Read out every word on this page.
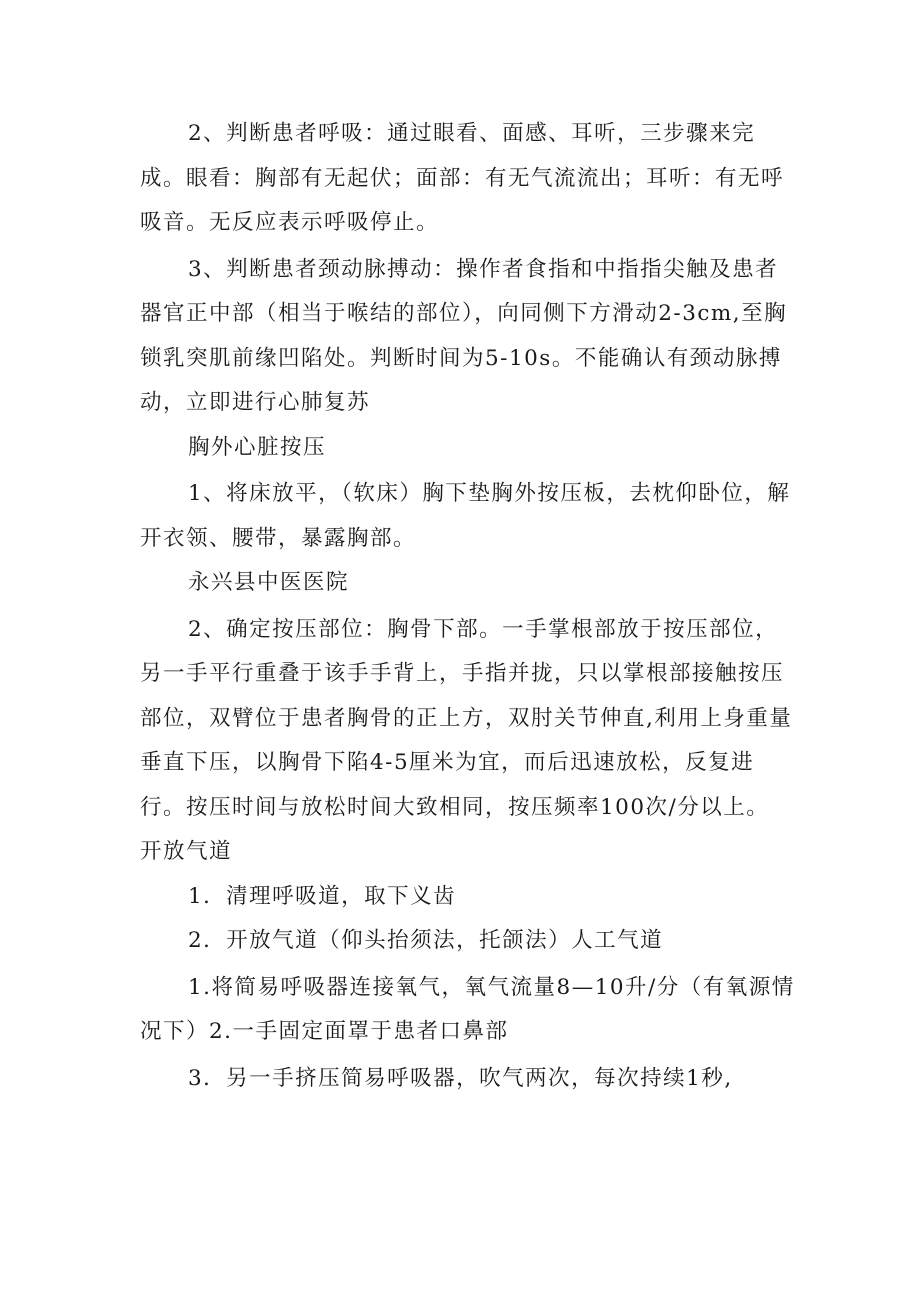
2、判断患者呼吸：通过眼看、面感、耳听，三步骤来完成。眼看：胸部有无起伏；面部：有无气流流出；耳听：有无呼吸音。无反应表示呼吸停止。

3、判断患者颈动脉搏动：操作者食指和中指指尖触及患者器官正中部（相当于喉结的部位），向同侧下方滑动2-3cm,至胸锁乳突肌前缘凹陷处。判断时间为5-10s。不能确认有颈动脉搏动，立即进行心肺复苏

胸外心脏按压

1、将床放平，（软床）胸下垫胸外按压板，去枕仰卧位，解开衣领、腰带，暴露胸部。

永兴县中医医院

2、确定按压部位：胸骨下部。一手掌根部放于按压部位，另一手平行重叠于该手手背上，手指并拢，只以掌根部接触按压部位，双臂位于患者胸骨的正上方，双肘关节伸直,利用上身重量垂直下压，以胸骨下陷4-5厘米为宜，而后迅速放松，反复进行。按压时间与放松时间大致相同，按压频率100次/分以上。

开放气道

1．清理呼吸道，取下义齿

2．开放气道（仰头抬须法，托颌法）人工气道

1.将简易呼吸器连接氧气，氧气流量8—10升/分（有氧源情况下）2.一手固定面罩于患者口鼻部

3．另一手挤压简易呼吸器，吹气两次，每次持续1秒,
